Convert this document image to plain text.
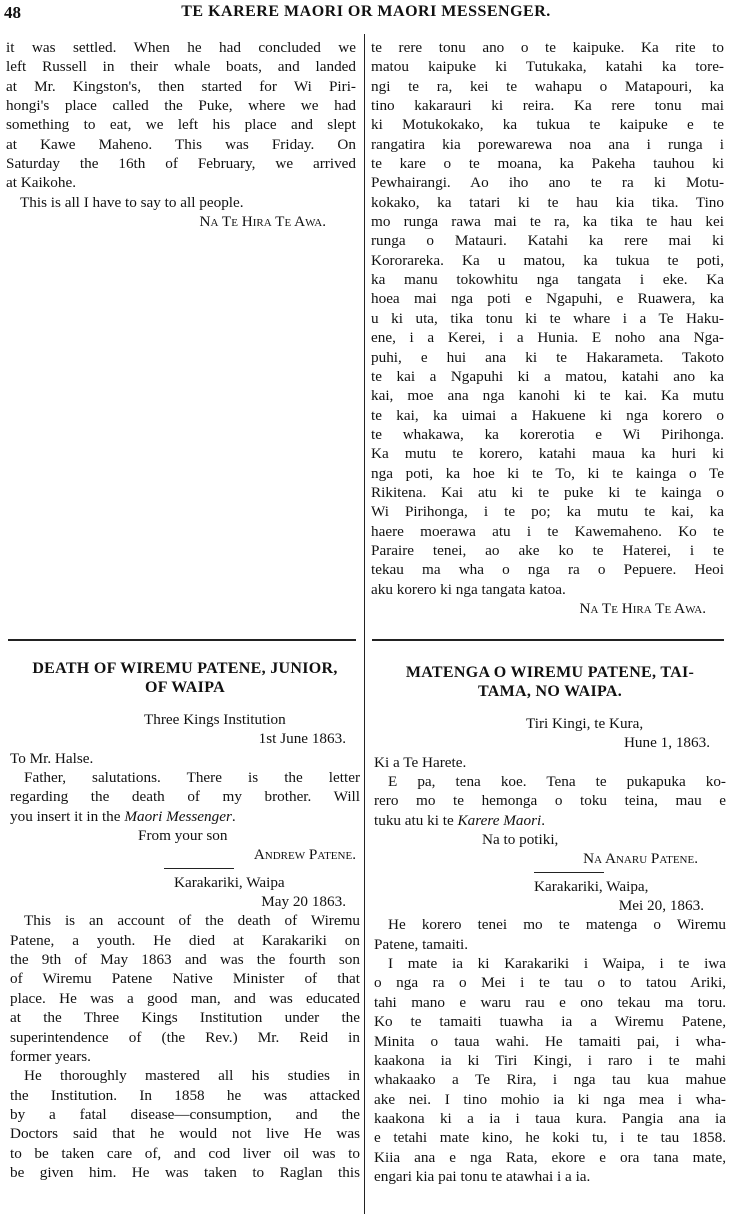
48	TE KARERE MAORI OR MAORI MESSENGER.
it was settled. When he had concluded we
left Russell in their whale boats, and landed
at Mr. Kingston's, then started for Wi Piri-
hongi's place called the Puke, where we had
something to eat, we left his place and slept
at Kawe Maheno. This was Friday. On
Saturday the 16th of February, we arrived
at Kaikohe.

This is all I have to say to all people.

Na Te Hira Te Awa.

te rere tonu ano o te kaipuke. Ka rite to
matou kaipuke ki Tutukaka, katahi ka tore-
ngi te ra, kei te wahapu o Matapouri, ka
tino kakarauri ki reira. Ka rere tonu mai
ki Motukokako, ka tukua te kaipuke e te
rangatira kia porewarewa noa ana i runga i
te kare o te moana, ka Pakeha tauhou ki
Pewhairangi. Ao iho ano te ra ki Motu-
kokako, ka tatari ki te hau kia tika. Tino
mo runga rawa mai te ra, ka tika te hau kei
runga o Matauri. Katahi ka rere mai ki
Kororareka. Ka u matou, ka tukua te poti,
ka manu tokowhitu nga tangata i eke. Ka
hoea mai nga poti e Ngapuhi, e Ruawera, ka
u ki uta, tika tonu ki te whare i a Te Haku-
ene, i a Kerei, i a Hunia. E noho ana Nga-
puhi, e hui ana ki te Hakarameta. Takoto
te kai a Ngapuhi ki a matou, katahi ano ka
kai, moe ana nga kanohi ki te kai. Ka mutu
te kai, ka uimai a Hakuene ki nga korero o
te whakawa, ka korerotia e Wi Pirihonga.
Ka mutu te korero, katahi maua ka huri ki
nga poti, ka hoe ki te To, ki te kainga o Te
Rikitena. Kai atu ki te puke ki te kainga o
Wi Pirihonga, i te po; ka mutu te kai, ka
haere moerawa atu i te Kawemaheno. Ko te
Paraire tenei, ao ake ko te Haterei, i te
tekau ma wha o nga ra o Pepuere. Heoi
aku korero ki nga tangata katoa.

Na Te Hira Te Awa.

DEATH OF WIREMU PATENE, JUNIOR,
OF WAIPA

Three Kings Institution

1st June 1863.

To Mr. Halse.

Father, salutations. There is the letter
regarding the death of my brother. Will

you insert it in the Maori Messenger.

From your son

Andrew Patene.

Karakariki, Waipa

May 20 1863.

This is an account of the death of Wiremu
Patene, a youth. He died at Karakariki on
the 9th of May 1863 and was the fourth son
of Wiremu Patene Native Minister of that
place. He was a good man, and was educated
at the Three Kings Institution under the
superintendence of (the Rev.) Mr. Reid in
former years.
He thoroughly mastered all his studies in
the Institution. In 1858 he was attacked
by a fatal disease—consumption, and the
Doctors said that he would not live He was
to be taken care of, and cod liver oil was to
be given him. He was taken to Raglan this
MATENGA O WIREMU PATENE, TAI-
TAMA, NO WAIPA.

Tiri Kingi, te Kura,

Hune 1, 1863.

Ki a Te Harete.

E pa, tena koe. Tena te pukapuka ko-
rero mo te hemonga o toku teina, mau e

tuku atu ki te Karere Maori.

Na to potiki,

Na Anaru Patene.

Karakariki, Waipa,

Mei 20, 1863.

He korero tenei mo te matenga o Wiremu
Patene, tamaiti.
I mate ia ki Karakariki i Waipa, i te iwa
o nga ra o Mei i te tau o to tatou Ariki,
tahi mano e waru rau e ono tekau ma toru.
Ko te tamaiti tuawha ia a Wiremu Patene,
Minita o taua wahi. He tamaiti pai, i wha-
kaakona ia ki Tiri Kingi, i raro i te mahi
whakaako a Te Rira, i nga tau kua mahue
ake nei. I tino mohio ia ki nga mea i wha-
kaakona ki a ia i taua kura. Pangia ana ia
e tetahi mate kino, he koki tu, i te tau 1858.
Kiia ana e nga Rata, ekore e ora tana mate,
engari kia pai tonu te atawhai i a ia.
